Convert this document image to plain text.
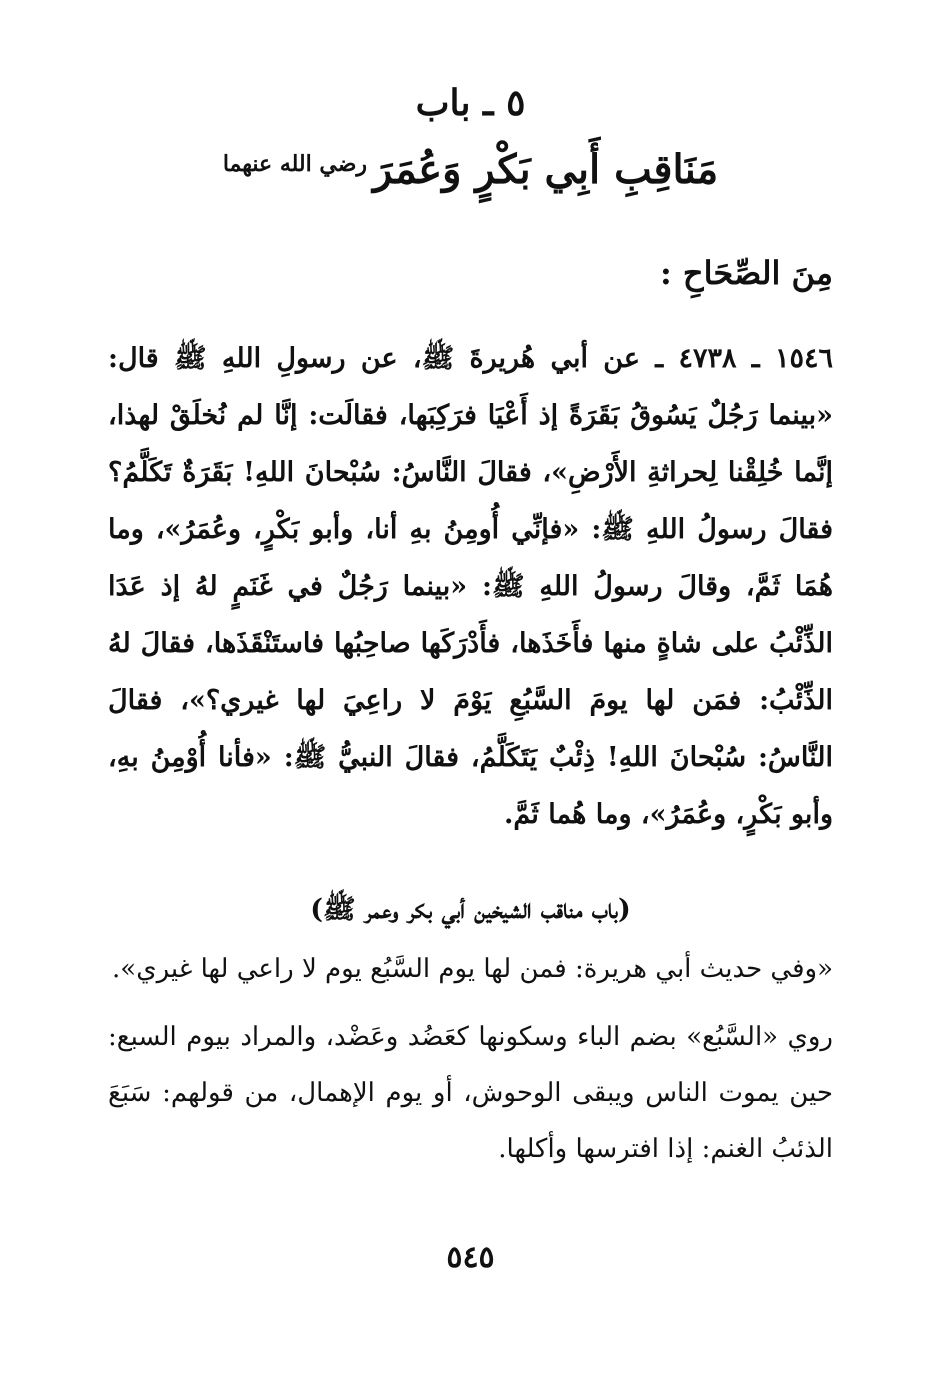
٥ ـ باب
مَنَاقِبِ أَبِي بَكْرٍ وَعُمَرَ$^{رضي الله عنهما}$
مِنَ الصِّحَاحِ :

١٥٤٦ ـ ٤٧٣٨ ـ عن أبي هُريرةَ ﷺ، عن رسولِ اللهِ ﷺ قال: «بينما رَجُلٌ يَسُوقُ بَقَرَةً إذ أَعْيَا فرَكِبَها، فقالَت: إنَّا لم نُخلَقْ لهذا، إنَّما خُلِقْنا لِحراثةِ الأَرْضِ»، فقالَ النَّاسُ: سُبْحانَ اللهِ! بَقَرَةٌ تَكَلَّمُ؟ فقالَ رسولُ اللهِ ﷺ: «فإنِّي أُومِنُ بهِ أنا، وأبو بَكْرٍ، وعُمَرُ»، وما هُمَا ثَمَّ، وقالَ رسولُ اللهِ ﷺ: «بينما رَجُلٌ في غَنَمٍ لهُ إذ عَدَا الذِّئْبُ على شاةٍ منها فأَخَذَها، فأَدْرَكَها صاحِبُها فاستَنْقَذَها، فقالَ لهُ الذِّئْبُ: فمَن لها يومَ السَّبُعِ يَوْمَ لا راعِيَ لها غيري؟»، فقالَ النَّاسُ: سُبْحانَ اللهِ! ذِئْبٌ يَتَكَلَّمُ، فقالَ النبيُّ ﷺ: «فأنا أُوْمِنُ بهِ، وأبو بَكْرٍ، وعُمَرُ»، وما هُما ثَمَّ.

(باب مناقب الشيخين أبي بكر وعمر ﷺ)

«وفي حديث أبي هريرة: فمن لها يوم السَّبُع يوم لا راعي لها غيري».

روي «السَّبُع» بضم الباء وسكونها كعَضُد وعَضْد، والمراد بيوم السبع: حين يموت الناس ويبقى الوحوش، أو يوم الإهمال، من قولهم: سَبَعَ الذئبُ الغنم: إذا افترسها وأكلها.

٥٤٥
